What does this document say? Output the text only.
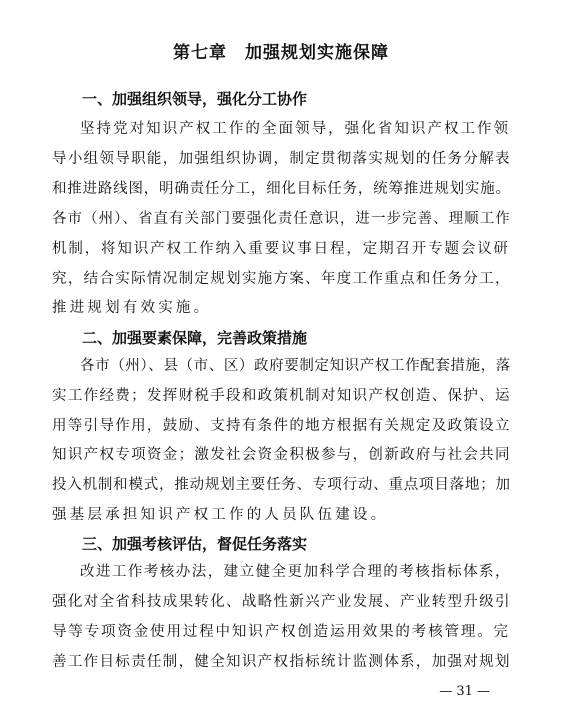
第七章　加强规划实施保障
一、加强组织领导，强化分工协作
坚持党对知识产权工作的全面领导，强化省知识产权工作领
导小组领导职能，加强组织协调，制定贯彻落实规划的任务分解表
和推进路线图，明确责任分工，细化目标任务，统筹推进规划实施。
各市（州）、省直有关部门要强化责任意识，进一步完善、理顺工作
机制，将知识产权工作纳入重要议事日程，定期召开专题会议研
究，结合实际情况制定规划实施方案、年度工作重点和任务分工，
推进规划有效实施。
二、加强要素保障，完善政策措施
各市（州）、县（市、区）政府要制定知识产权工作配套措施，落
实工作经费；发挥财税手段和政策机制对知识产权创造、保护、运
用等引导作用，鼓励、支持有条件的地方根据有关规定及政策设立
知识产权专项资金；激发社会资金积极参与，创新政府与社会共同
投入机制和模式，推动规划主要任务、专项行动、重点项目落地；加
强基层承担知识产权工作的人员队伍建设。
三、加强考核评估，督促任务落实
改进工作考核办法，建立健全更加科学合理的考核指标体系，
强化对全省科技成果转化、战略性新兴产业发展、产业转型升级引
导等专项资金使用过程中知识产权创造运用效果的考核管理。完
善工作目标责任制，健全知识产权指标统计监测体系，加强对规划
— 31 —
